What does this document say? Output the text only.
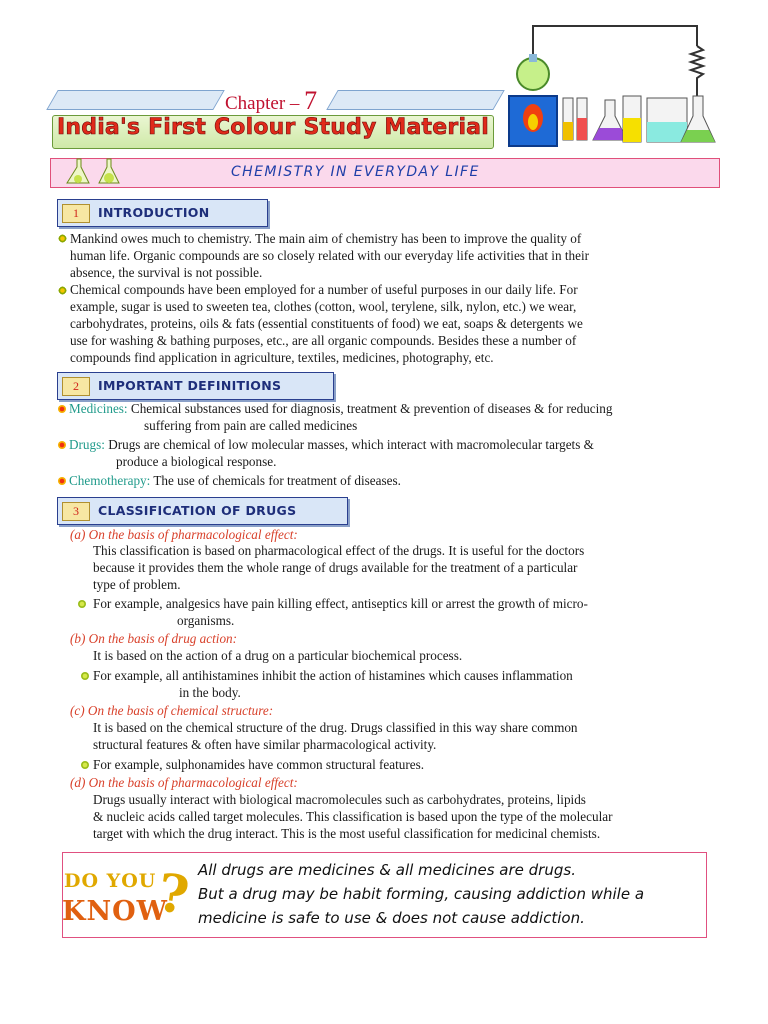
Chapter – 7
India's First Colour Study Material
CHEMISTRY IN EVERYDAY LIFE
1	INTRODUCTION
Mankind owes much to chemistry. The main aim of chemistry has been to improve the quality of
human life. Organic compounds are so closely related with our everyday life activities that in their
absence, the survival is not possible.
Chemical compounds have been employed for a number of useful purposes in our daily life. For
example, sugar is used to sweeten tea, clothes (cotton, wool, terylene, silk, nylon, etc.) we wear,
carbohydrates, proteins, oils & fats (essential constituents of food) we eat, soaps & detergents we
use for washing & bathing purposes, etc., are all organic compounds. Besides these a number of
compounds find application in agriculture, textiles, medicines, photography, etc.
2	IMPORTANT DEFINITIONS
Medicines: Chemical substances used for diagnosis, treatment & prevention of diseases & for reducing
suffering from pain are called medicines
Drugs: Drugs are chemical of low molecular masses, which interact with macromolecular targets &
produce a biological response.
Chemotherapy: The use of chemicals for treatment of diseases.
3	CLASSIFICATION OF DRUGS
(a) On the basis of pharmacological effect:
This classification is based on pharmacological effect of the drugs. It is useful for the doctors
because it provides them the whole range of drugs available for the treatment of a particular
type of problem.
For example, analgesics have pain killing effect, antiseptics kill or arrest the growth of micro-
organisms.
(b) On the basis of drug action:
It is based on the action of a drug on a particular biochemical process.
For example, all antihistamines inhibit the action of histamines which causes inflammation
in the body.
(c) On the basis of chemical structure:
It is based on the chemical structure of the drug. Drugs classified in this way share common
structural features & often have similar pharmacological activity.
For example, sulphonamides have common structural features.
(d) On the basis of pharmacological effect:
Drugs usually interact with biological macromolecules such as carbohydrates, proteins, lipids
& nucleic acids called target molecules. This classification is based upon the type of the molecular
target with which the drug interact. This is the most useful classification for medicinal chemists.
DO YOU
KNOW
? All drugs are medicines & all medicines are drugs.
But a drug may be habit forming, causing addiction while a
medicine is safe to use & does not cause addiction.
